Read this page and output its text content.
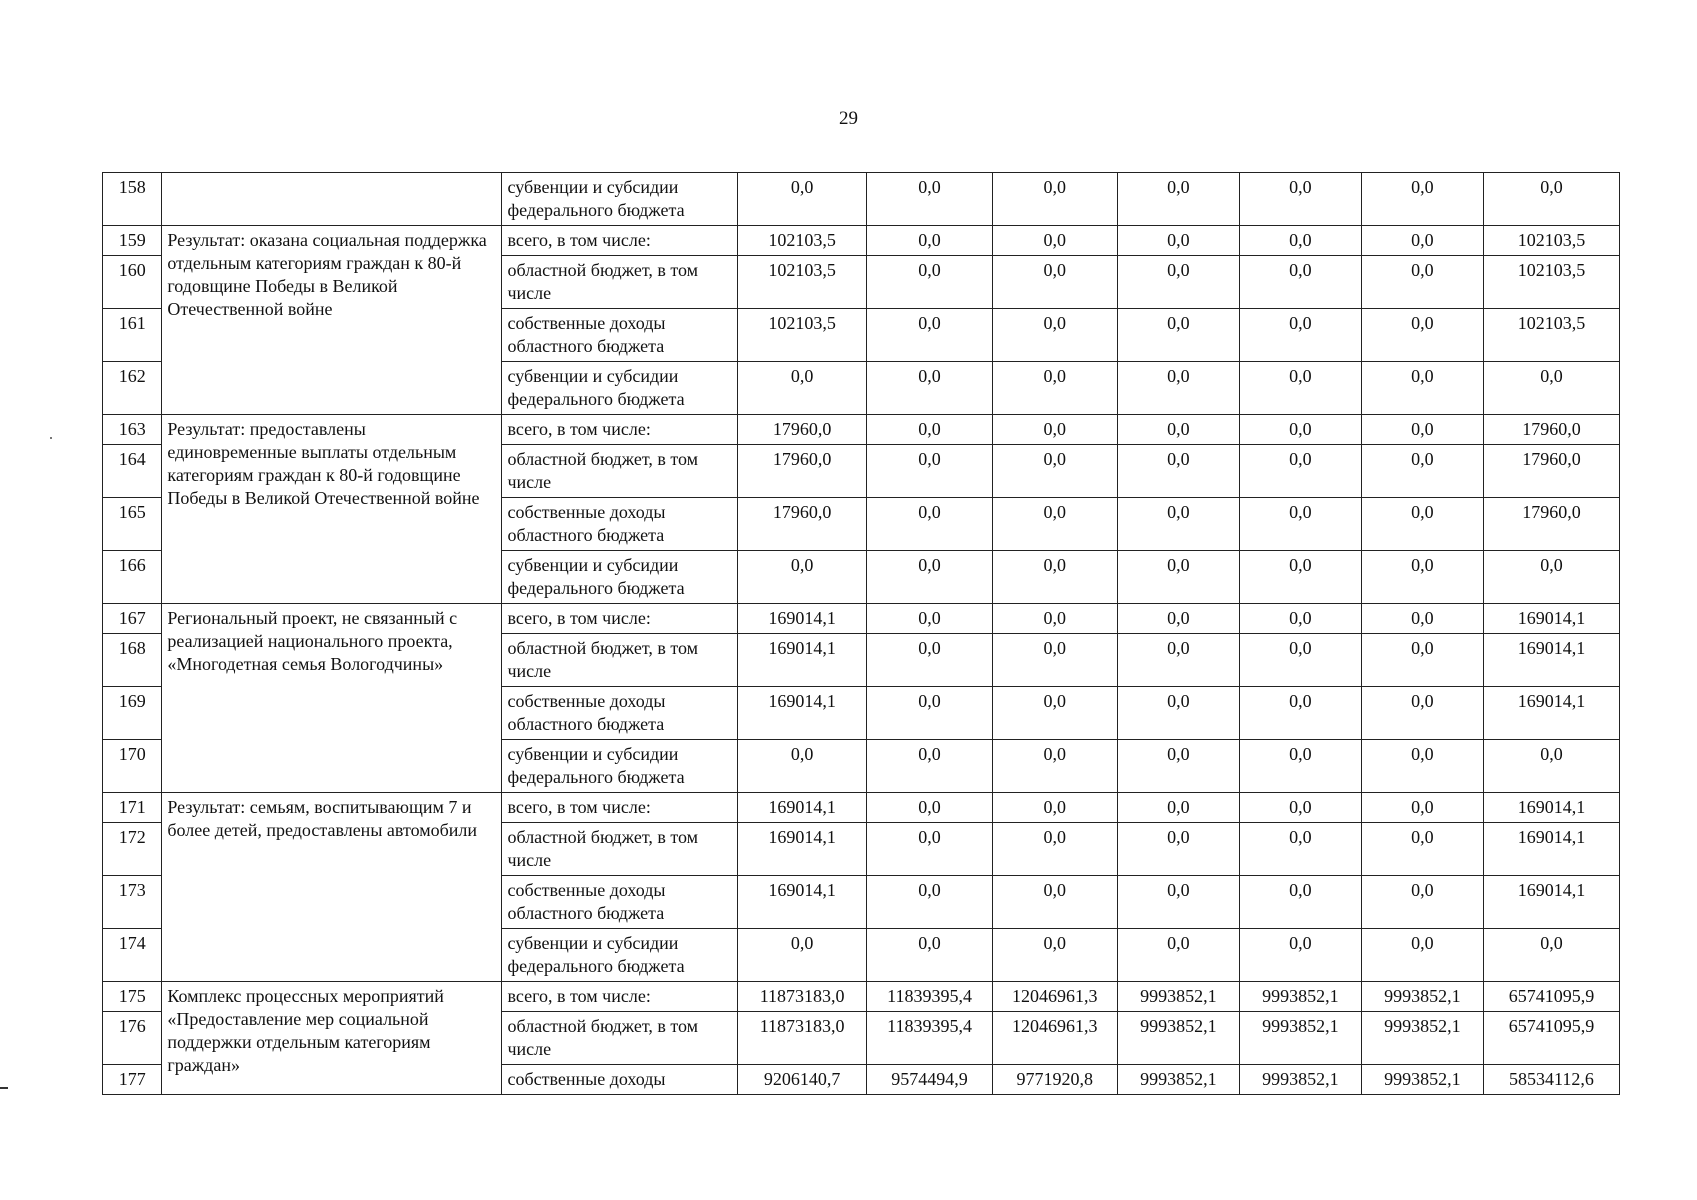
29
158		субвенции и субсидии федерального бюджета	0,0	0,0	0,0	0,0	0,0	0,0	0,0
159	Результат: оказана социальная поддержка отдельным категориям граждан к 80-й годовщине Победы в Великой Отечественной войне	всего, в том числе:	102103,5	0,0	0,0	0,0	0,0	0,0	102103,5
160		областной бюджет, в том числе	102103,5	0,0	0,0	0,0	0,0	0,0	102103,5
161		собственные доходы областного бюджета	102103,5	0,0	0,0	0,0	0,0	0,0	102103,5
162		субвенции и субсидии федерального бюджета	0,0	0,0	0,0	0,0	0,0	0,0	0,0
163	Результат: предоставлены единовременные выплаты отдельным категориям граждан к 80-й годовщине Победы в Великой Отечественной войне	всего, в том числе:	17960,0	0,0	0,0	0,0	0,0	0,0	17960,0
164		областной бюджет, в том числе	17960,0	0,0	0,0	0,0	0,0	0,0	17960,0
165		собственные доходы областного бюджета	17960,0	0,0	0,0	0,0	0,0	0,0	17960,0
166		субвенции и субсидии федерального бюджета	0,0	0,0	0,0	0,0	0,0	0,0	0,0
167	Региональный проект, не связанный с реализацией национального проекта, «Многодетная семья Вологодчины»	всего, в том числе:	169014,1	0,0	0,0	0,0	0,0	0,0	169014,1
168		областной бюджет, в том числе	169014,1	0,0	0,0	0,0	0,0	0,0	169014,1
169		собственные доходы областного бюджета	169014,1	0,0	0,0	0,0	0,0	0,0	169014,1
170		субвенции и субсидии федерального бюджета	0,0	0,0	0,0	0,0	0,0	0,0	0,0
171	Результат: семьям, воспитывающим 7 и более детей, предоставлены автомобили	всего, в том числе:	169014,1	0,0	0,0	0,0	0,0	0,0	169014,1
172		областной бюджет, в том числе	169014,1	0,0	0,0	0,0	0,0	0,0	169014,1
173		собственные доходы областного бюджета	169014,1	0,0	0,0	0,0	0,0	0,0	169014,1
174		субвенции и субсидии федерального бюджета	0,0	0,0	0,0	0,0	0,0	0,0	0,0
175	Комплекс процессных мероприятий «Предоставление мер социальной поддержки отдельным категориям граждан»	всего, в том числе:	11873183,0	11839395,4	12046961,3	9993852,1	9993852,1	9993852,1	65741095,9
176		областной бюджет, в том числе	11873183,0	11839395,4	12046961,3	9993852,1	9993852,1	9993852,1	65741095,9
177		собственные доходы	9206140,7	9574494,9	9771920,8	9993852,1	9993852,1	9993852,1	58534112,6
